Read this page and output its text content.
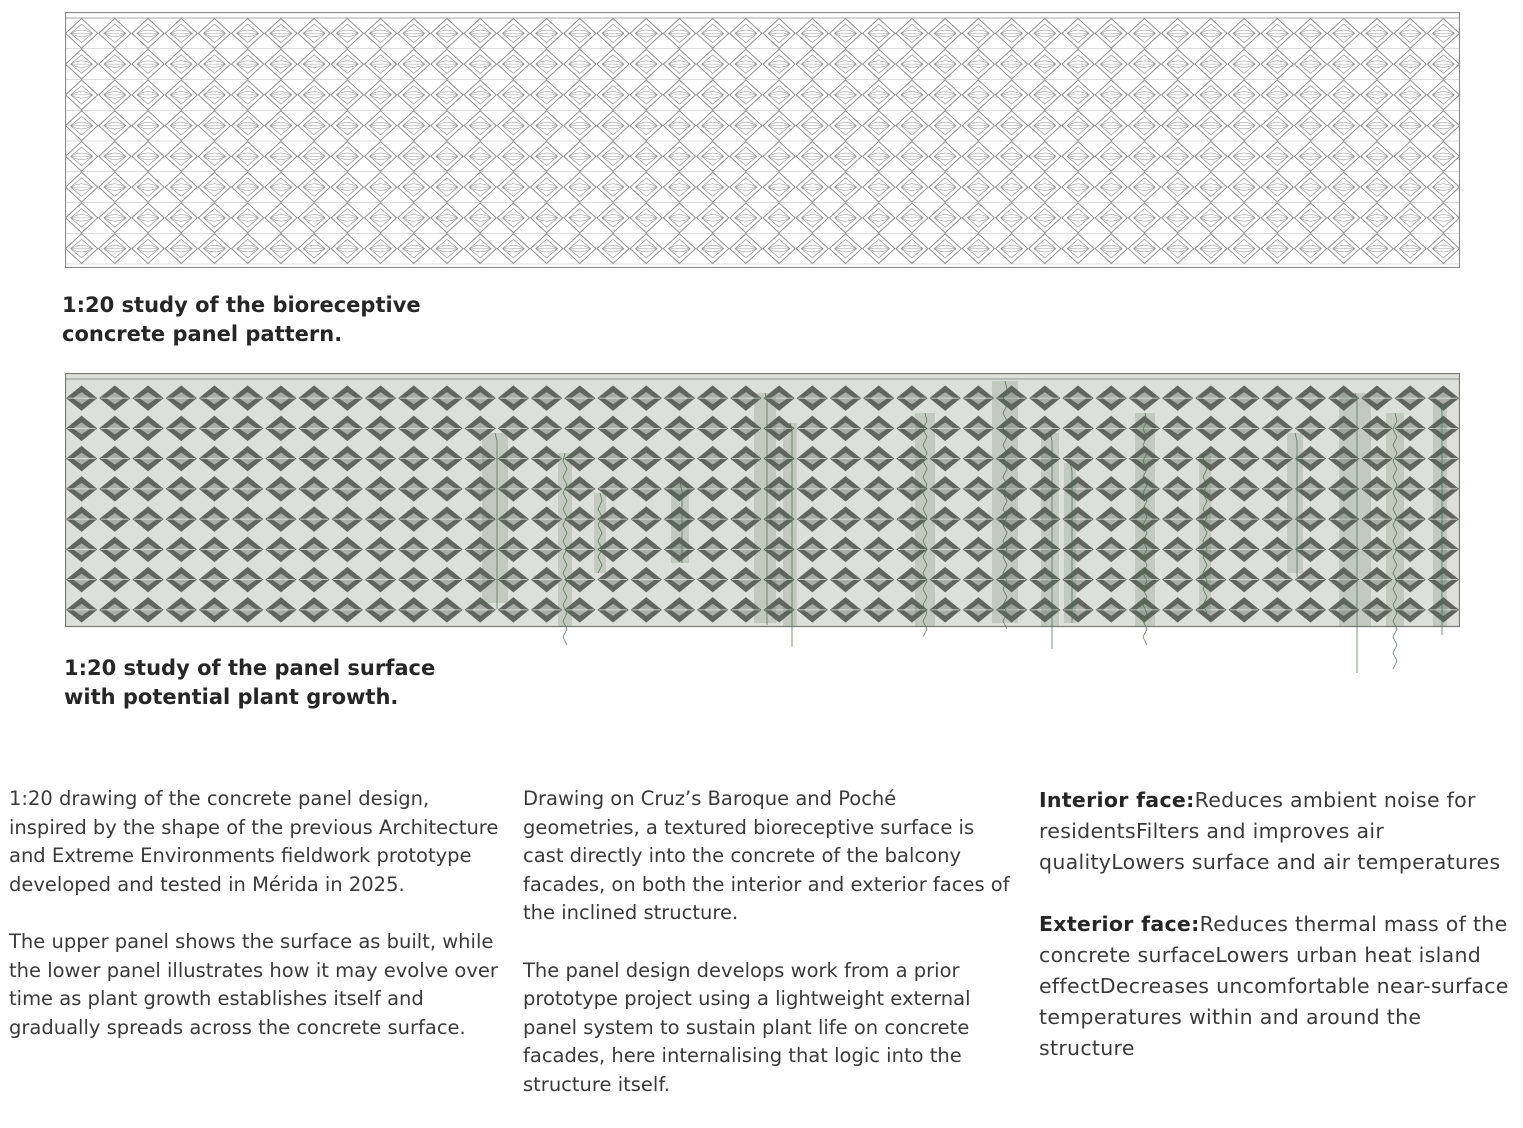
1:20 study of the bioreceptive
concrete panel pattern.

1:20 study of the panel surface
with potential plant growth.

1:20 drawing of the concrete panel design, inspired by the shape of the previous Architecture and Extreme Environments fieldwork prototype developed and tested in Mérida in 2025.

The upper panel shows the surface as built, while the lower panel illustrates how it may evolve over time as plant growth establishes itself and gradually spreads across the concrete surface.

Drawing on Cruz’s Baroque and Poché geometries, a textured bioreceptive surface is cast directly into the concrete of the balcony facades, on both the interior and exterior faces of the inclined structure.

The panel design develops work from a prior prototype project using a lightweight external panel system to sustain plant life on concrete facades, here internalising that logic into the structure itself.

Interior face:Reduces ambient noise for residentsFilters and improves air qualityLowers surface and air temperatures

Exterior face:Reduces thermal mass of the concrete surfaceLowers urban heat island effectDecreases uncomfortable near-surface temperatures within and around the structure
